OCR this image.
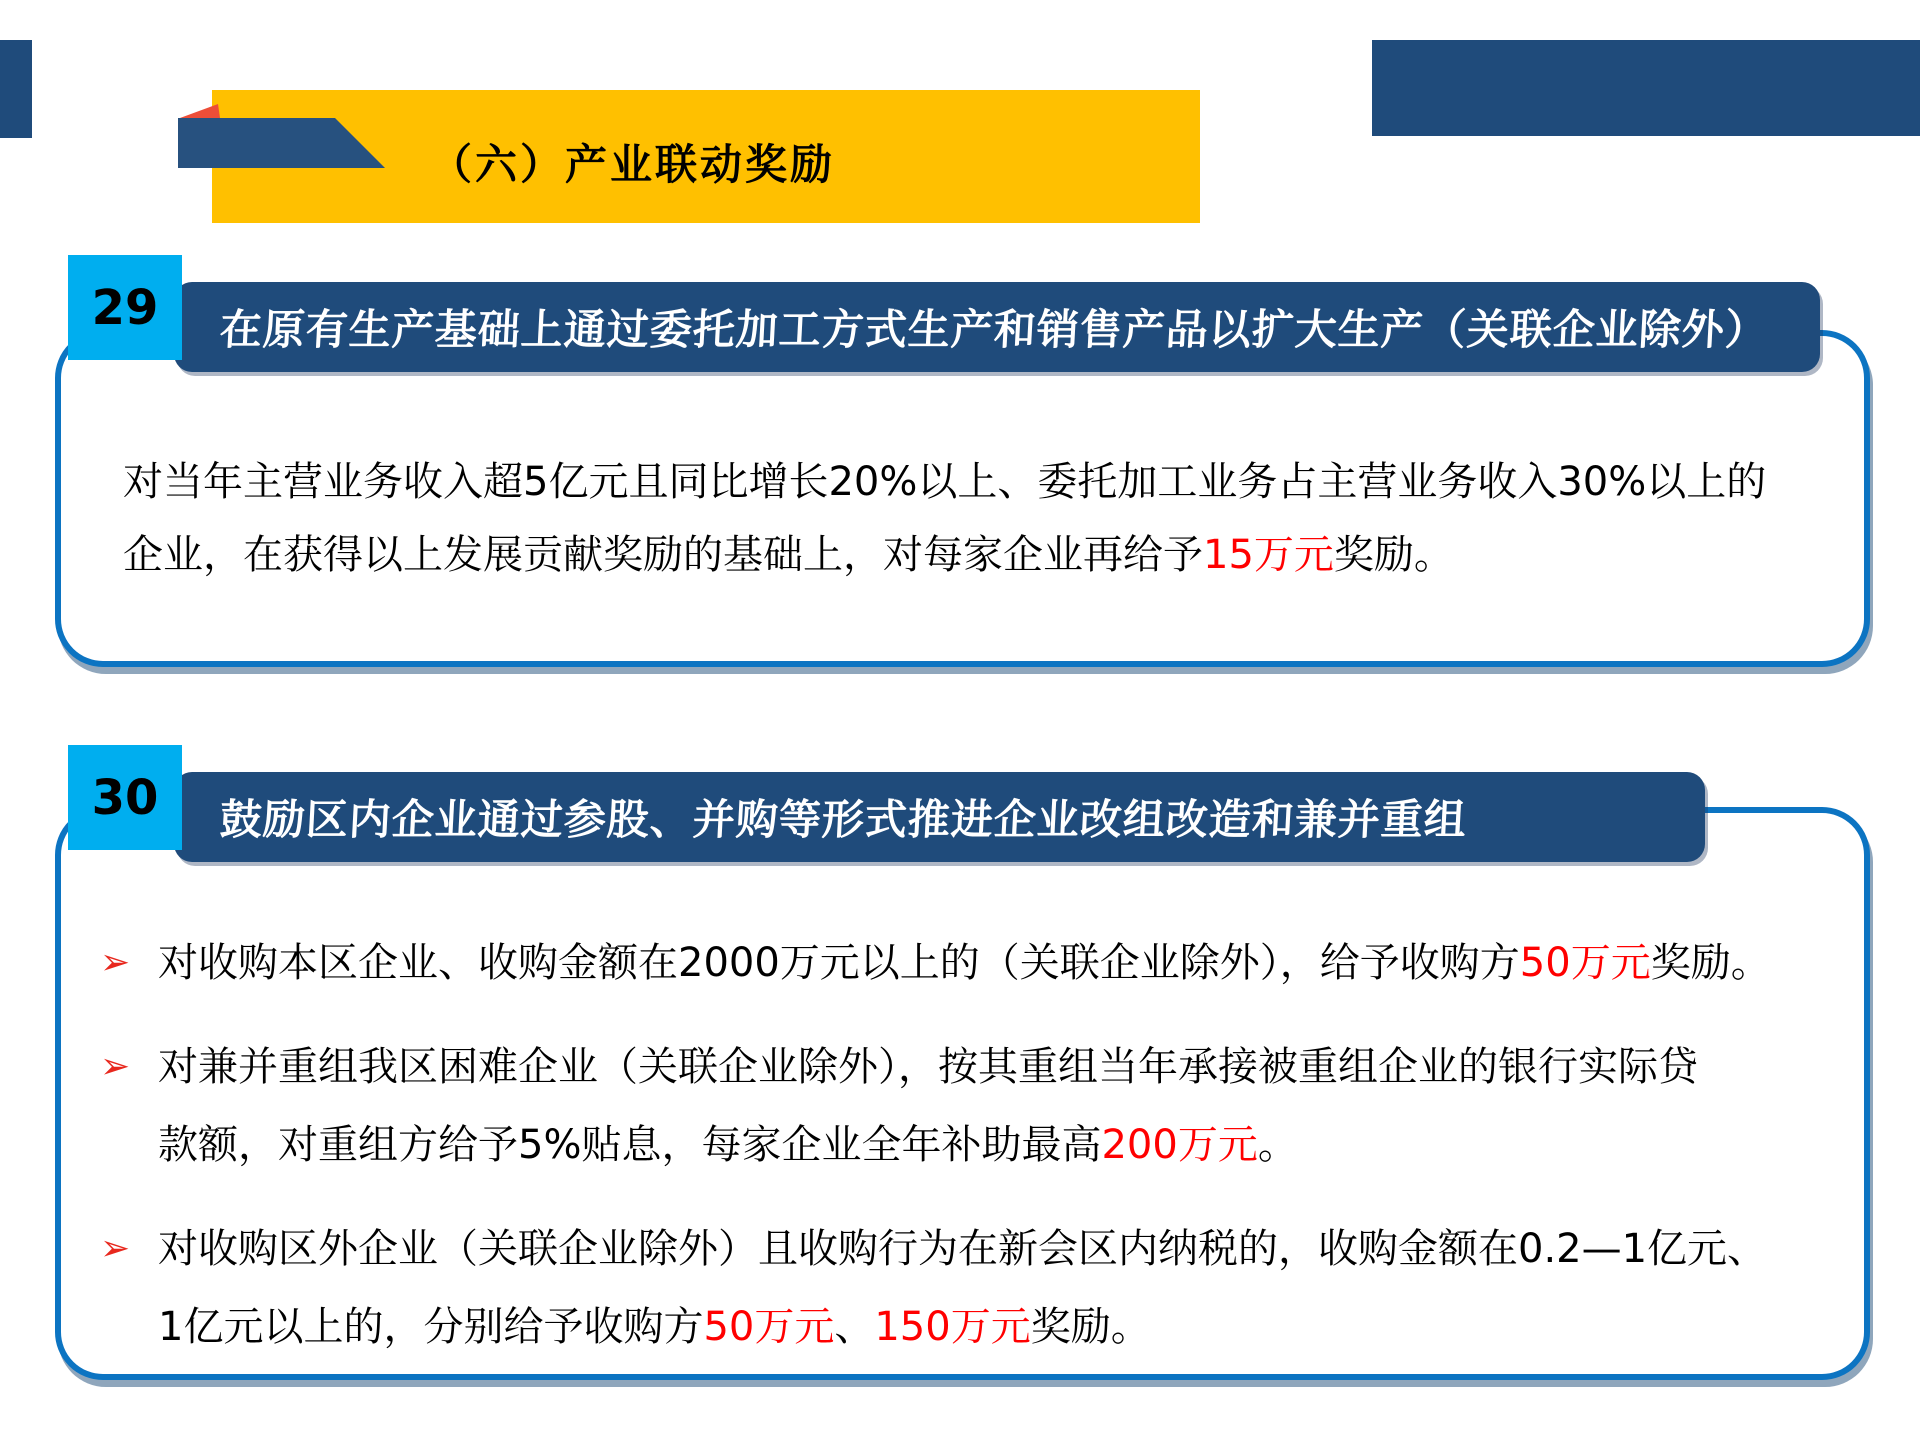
（六）产业联动奖励
对当年主营业务收入超5亿元且同比增长20%以上、委托加工业务占主营业务收入30%以上的
企业，在获得以上发展贡献奖励的基础上，对每家企业再给予15万元奖励。
在原有生产基础上通过委托加工方式生产和销售产品以扩大生产（关联企业除外）
29
➢ 对收购本区企业、收购金额在2000万元以上的（关联企业除外），给予收购方50万元奖励。
➢ 对兼并重组我区困难企业（关联企业除外），按其重组当年承接被重组企业的银行实际贷
款额，对重组方给予5%贴息，每家企业全年补助最高200万元。
➢ 对收购区外企业（关联企业除外）且收购行为在新会区内纳税的，收购金额在0.2—1亿元、
1亿元以上的，分别给予收购方50万元、150万元奖励。
鼓励区内企业通过参股、并购等形式推进企业改组改造和兼并重组
30
